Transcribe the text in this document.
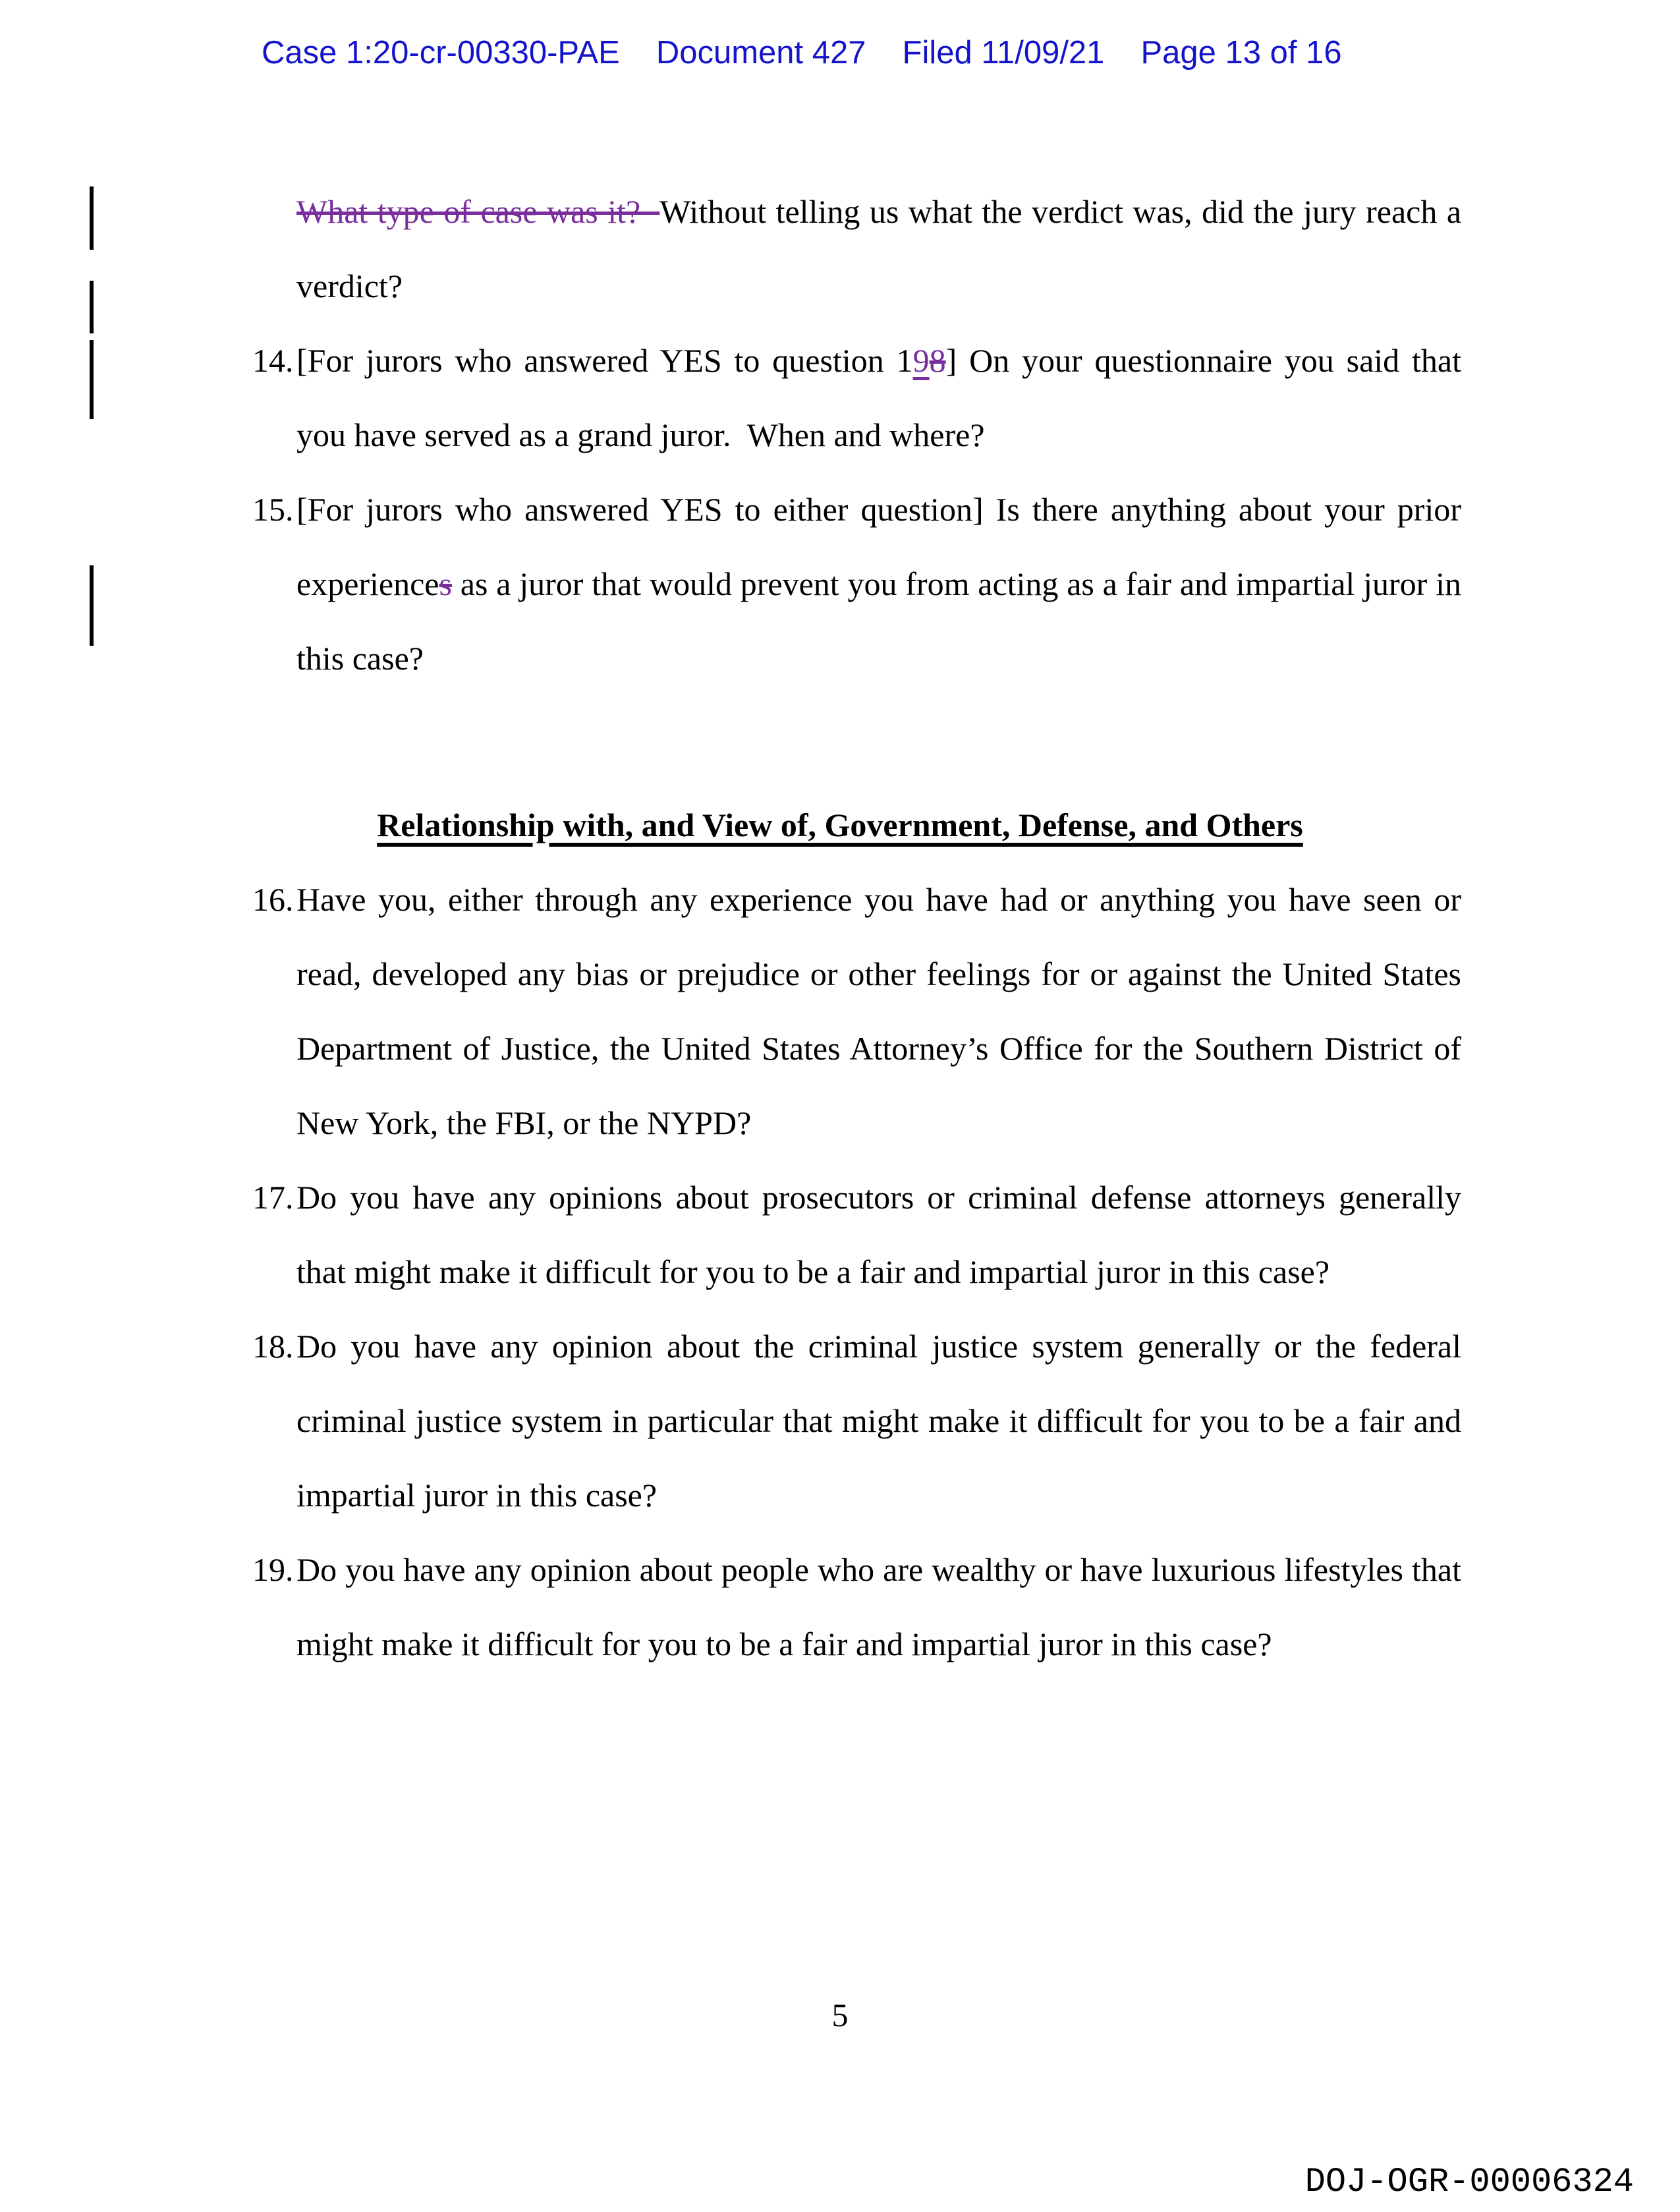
Case 1:20-cr-00330-PAE Document 427 Filed 11/09/21 Page 13 of 16

What type of case was it?  Without telling us what the verdict was, did the jury reach a verdict?

14. [For jurors who answered YES to question 198] On your questionnaire you said that you have served as a grand juror.  When and where?

15. [For jurors who answered YES to either question] Is there anything about your prior experiences as a juror that would prevent you from acting as a fair and impartial juror in this case?

Relationship with, and View of, Government, Defense, and Others

16. Have you, either through any experience you have had or anything you have seen or read, developed any bias or prejudice or other feelings for or against the United States Department of Justice, the United States Attorney’s Office for the Southern District of New York, the FBI, or the NYPD?

17. Do you have any opinions about prosecutors or criminal defense attorneys generally that might make it difficult for you to be a fair and impartial juror in this case?

18. Do you have any opinion about the criminal justice system generally or the federal criminal justice system in particular that might make it difficult for you to be a fair and impartial juror in this case?

19. Do you have any opinion about people who are wealthy or have luxurious lifestyles that might make it difficult for you to be a fair and impartial juror in this case?

5
DOJ-OGR-00006324
